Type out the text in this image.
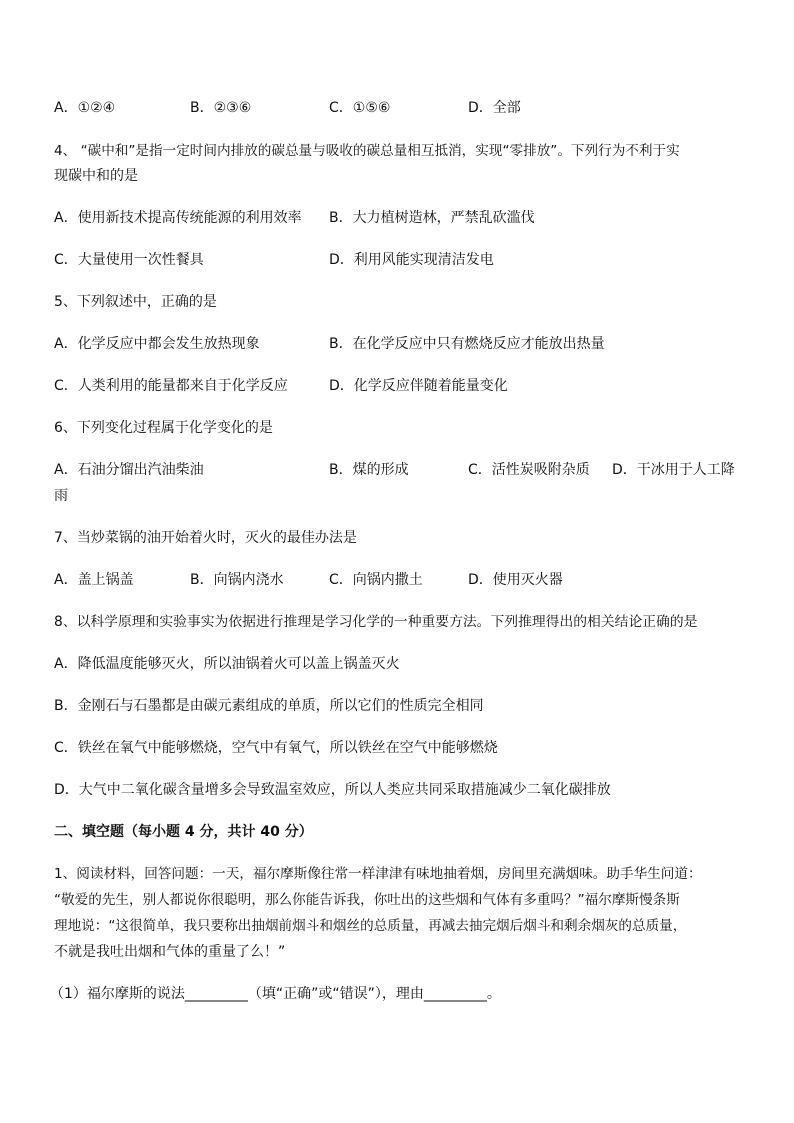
A．①②④	B．②③⑥	C．①⑤⑥	D．全部
4、 “碳中和”是指一定时间内排放的碳总量与吸收的碳总量相互抵消，实现“零排放”。下列行为不利于实
现碳中和的是
A．使用新技术提高传统能源的利用效率 B．大力植树造林，严禁乱砍滥伐
C．大量使用一次性餐具	D．利用风能实现清洁发电
5、下列叙述中，正确的是
A．化学反应中都会发生放热现象	B．在化学反应中只有燃烧反应才能放出热量
C．人类利用的能量都来自于化学反应	D．化学反应伴随着能量变化
6、下列变化过程属于化学变化的是
A．石油分馏出汽油柴油	B．煤的形成	C．活性炭吸附杂质 D．干冰用于人工降
雨
7、当炒菜锅的油开始着火时，灭火的最佳办法是
A．盖上锅盖	B．向锅内浇水	C．向锅内撒土	D．使用灭火器
8、以科学原理和实验事实为依据进行推理是学习化学的一种重要方法。下列推理得出的相关结论正确的是
A．降低温度能够灭火，所以油锅着火可以盖上锅盖灭火
B．金刚石与石墨都是由碳元素组成的单质，所以它们的性质完全相同
C．铁丝在氧气中能够燃烧，空气中有氧气，所以铁丝在空气中能够燃烧
D．大气中二氧化碳含量增多会导致温室效应，所以人类应共同采取措施减少二氧化碳排放
二、填空题（每小题 4 分，共计 40 分）
1、阅读材料，回答问题：一天，福尔摩斯像往常一样津津有味地抽着烟，房间里充满烟味。助手华生问道：
“敬爱的先生，别人都说你很聪明，那么你能告诉我，你吐出的这些烟和气体有多重吗？”福尔摩斯慢条斯
理地说：“这很简单，我只要称出抽烟前烟斗和烟丝的总质量，再减去抽完烟后烟斗和剩余烟灰的总质量，
不就是我吐出烟和气体的重量了么！”
（1）福尔摩斯的说法_________（填“正确”或“错误”），理由_________。
